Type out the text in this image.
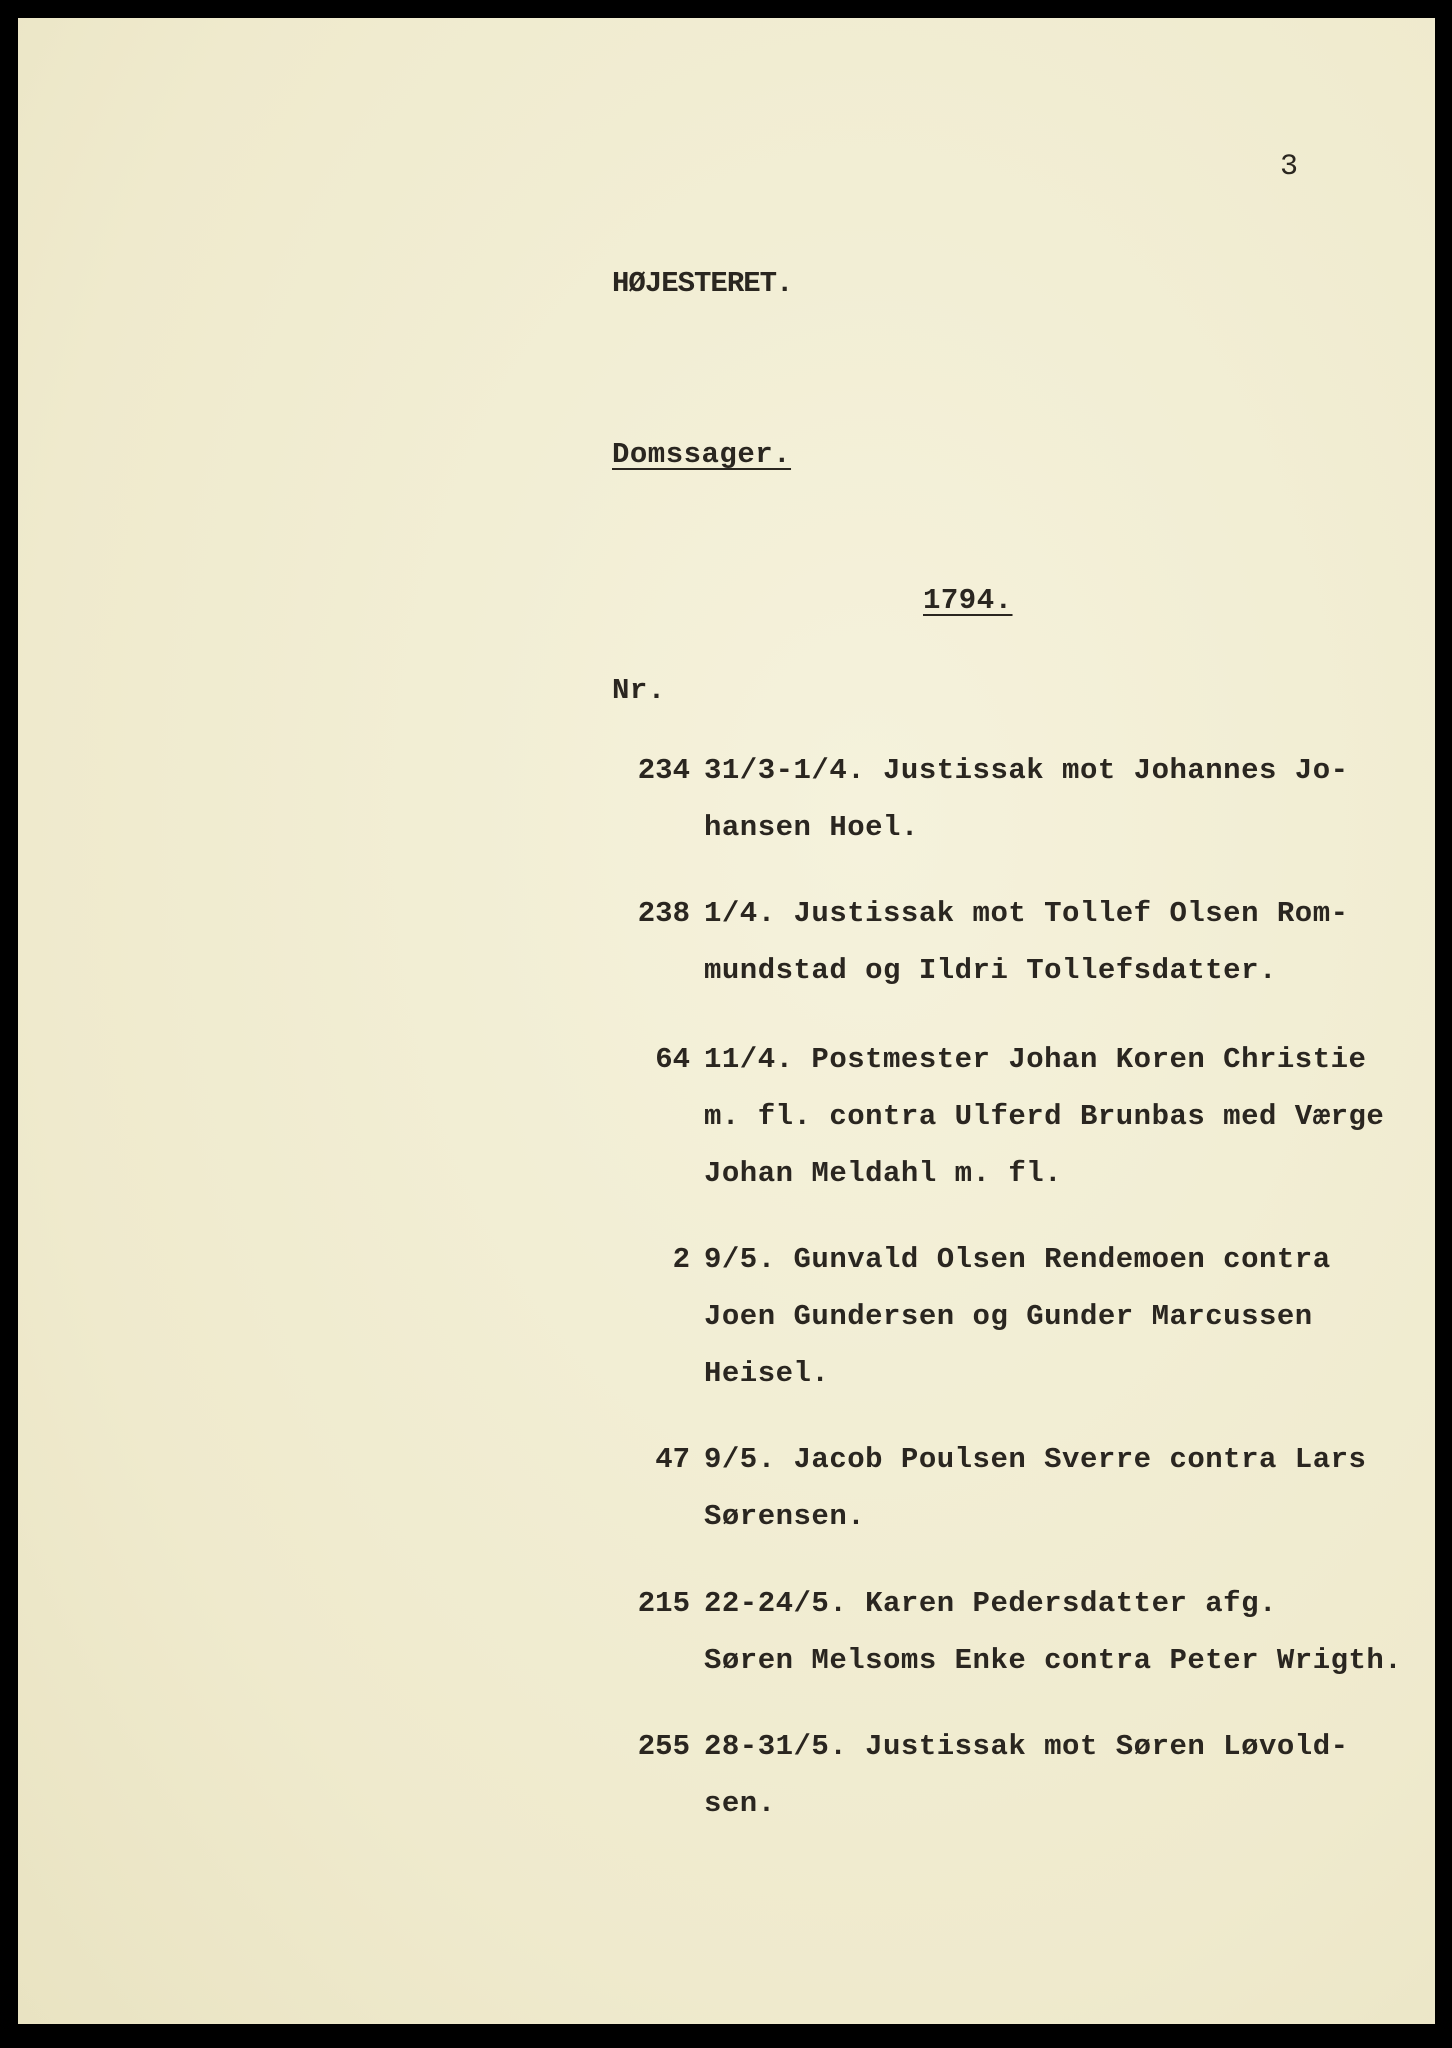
3
HØJESTERET.
Domssager.
1794.
Nr.
234 31/3-1/4. Justissak mot Johannes Jo-
hansen Hoel.
238 1/4. Justissak mot Tollef Olsen Rom-
mundstad og Ildri Tollefsdatter.
64 11/4. Postmester Johan Koren Christie
m. fl. contra Ulferd Brunbas med Værge
Johan Meldahl m. fl.
2 9/5. Gunvald Olsen Rendemoen contra
Joen Gundersen og Gunder Marcussen
Heisel.
47 9/5. Jacob Poulsen Sverre contra Lars
Sørensen.
215 22-24/5. Karen Pedersdatter afg.
Søren Melsoms Enke contra Peter Wrigth.
255 28-31/5. Justissak mot Søren Løvold-
sen.
